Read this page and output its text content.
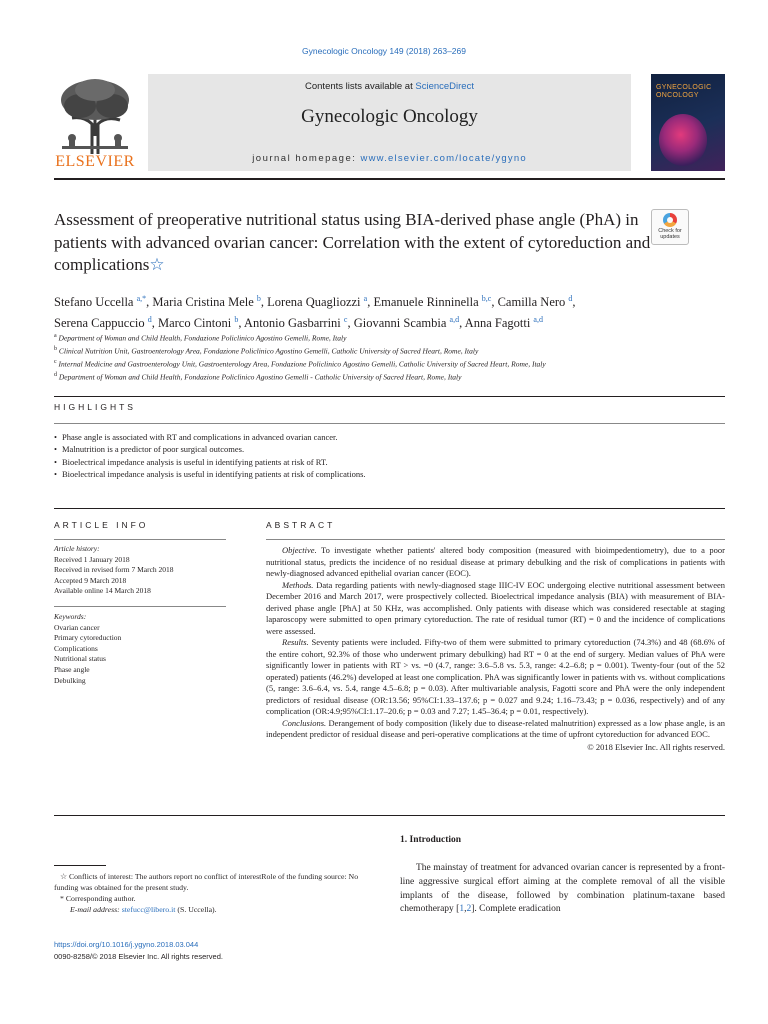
Gynecologic Oncology 149 (2018) 263–269
ELSEVIER
Contents lists available at ScienceDirect
Gynecologic Oncology
journal homepage: www.elsevier.com/locate/ygyno
GYNECOLOGIC ONCOLOGY
Assessment of preoperative nutritional status using BIA-derived phase angle (PhA) in patients with advanced ovarian cancer: Correlation with the extent of cytoreduction and complications☆
Check for updates
Stefano Uccella $^{a,*}$, Maria Cristina Mele $^b$, Lorena Quagliozzi $^a$, Emanuele Rinninella $^{b,c}$, Camilla Nero $^d$,
Serena Cappuccio $^d$, Marco Cintoni $^b$, Antonio Gasbarrini $^c$, Giovanni Scambia $^{a,d}$, Anna Fagotti $^{a,d}$
$^a$ Department of Woman and Child Health, Fondazione Policlinico Agostino Gemelli, Rome, Italy
$^b$ Clinical Nutrition Unit, Gastroenterology Area, Fondazione Policlinico Agostino Gemelli, Catholic University of Sacred Heart, Rome, Italy
$^c$ Internal Medicine and Gastroenterology Unit, Gastroenterology Area, Fondazione Policlinico Agostino Gemelli, Catholic University of Sacred Heart, Rome, Italy
$^d$ Department of Woman and Child Health, Fondazione Policlinico Agostino Gemelli - Catholic University of Sacred Heart, Rome, Italy
HIGHLIGHTS
• Phase angle is associated with RT and complications in advanced ovarian cancer.
• Malnutrition is a predictor of poor surgical outcomes.
• Bioelectrical impedance analysis is useful in identifying patients at risk of RT.
• Bioelectrical impedance analysis is useful in identifying patients at risk of complications.
ARTICLE INFO
Article history:
Received 1 January 2018
Received in revised form 7 March 2018
Accepted 9 March 2018
Available online 14 March 2018
Keywords:
Ovarian cancer
Primary cytoreduction
Complications
Nutritional status
Phase angle
Debulking
ABSTRACT

Objective. To investigate whether patients' altered body composition (measured with bioimpedentiometry), due to a poor nutritional status, predicts the incidence of no residual disease at primary debulking and the risk of complications in patients with newly-diagnosed advanced epithelial ovarian cancer (EOC).

Methods. Data regarding patients with newly-diagnosed stage IIIC-IV EOC undergoing elective nutritional assessment between December 2016 and March 2017, were prospectively collected. Bioelectrical impedance analysis (BIA) with measurement of BIA-derived phase angle [PhA] at 50 KHz, was accomplished. Only patients with disease which was considered resectable at staging laparoscopy were submitted to open primary cytoreduction. The rate of residual tumor (RT) = 0 and the incidence of complications were assessed.

Results. Seventy patients were included. Fifty-two of them were submitted to primary cytoreduction (74.3%) and 48 (68.6% of the entire cohort, 92.3% of those who underwent primary debulking) had RT = 0 at the end of surgery. Median values of PhA were significantly lower in patients with RT > vs. =0 (4.7, range: 3.6–5.8 vs. 5.3, range: 4.2–6.8; p = 0.001). Twenty-four (out of the 52 operated) patients (46.2%) developed at least one complication. PhA was significantly lower in patients with vs. without complications (5, range: 3.6–6.4, vs. 5.4, range 4.5–6.8; p = 0.03). After multivariable analysis, Fagotti score and PhA were the only independent predictors of residual disease (OR:13.56; 95%CI:1.33–137.6; p = 0.027 and 9.24; 1.16–73.43; p = 0.036, respectively) and of any complication (OR:4.9;95%CI:1.17–20.6; p = 0.03 and 7.27; 1.45–36.4; p = 0.01, respectively).

Conclusions. Derangement of body composition (likely due to disease-related malnutrition) expressed as a low phase angle, is an independent predictor of residual disease and peri-operative complications at the time of upfront cytoreduction for advanced EOC.

© 2018 Elsevier Inc. All rights reserved.

1. Introduction
The mainstay of treatment for advanced ovarian cancer is represented by a front-line aggressive surgical effort aiming at the complete removal of all the visible implants of the disease, followed by combination platinum-taxane based chemotherapy [1,2]. Complete eradication
☆ Conflicts of interest: The authors report no conflict of interestRole of the funding source: No funding was obtained for the present study.
* Corresponding author.
E-mail address: stefucc@libero.it (S. Uccella).
https://doi.org/10.1016/j.ygyno.2018.03.044
0090-8258/© 2018 Elsevier Inc. All rights reserved.
